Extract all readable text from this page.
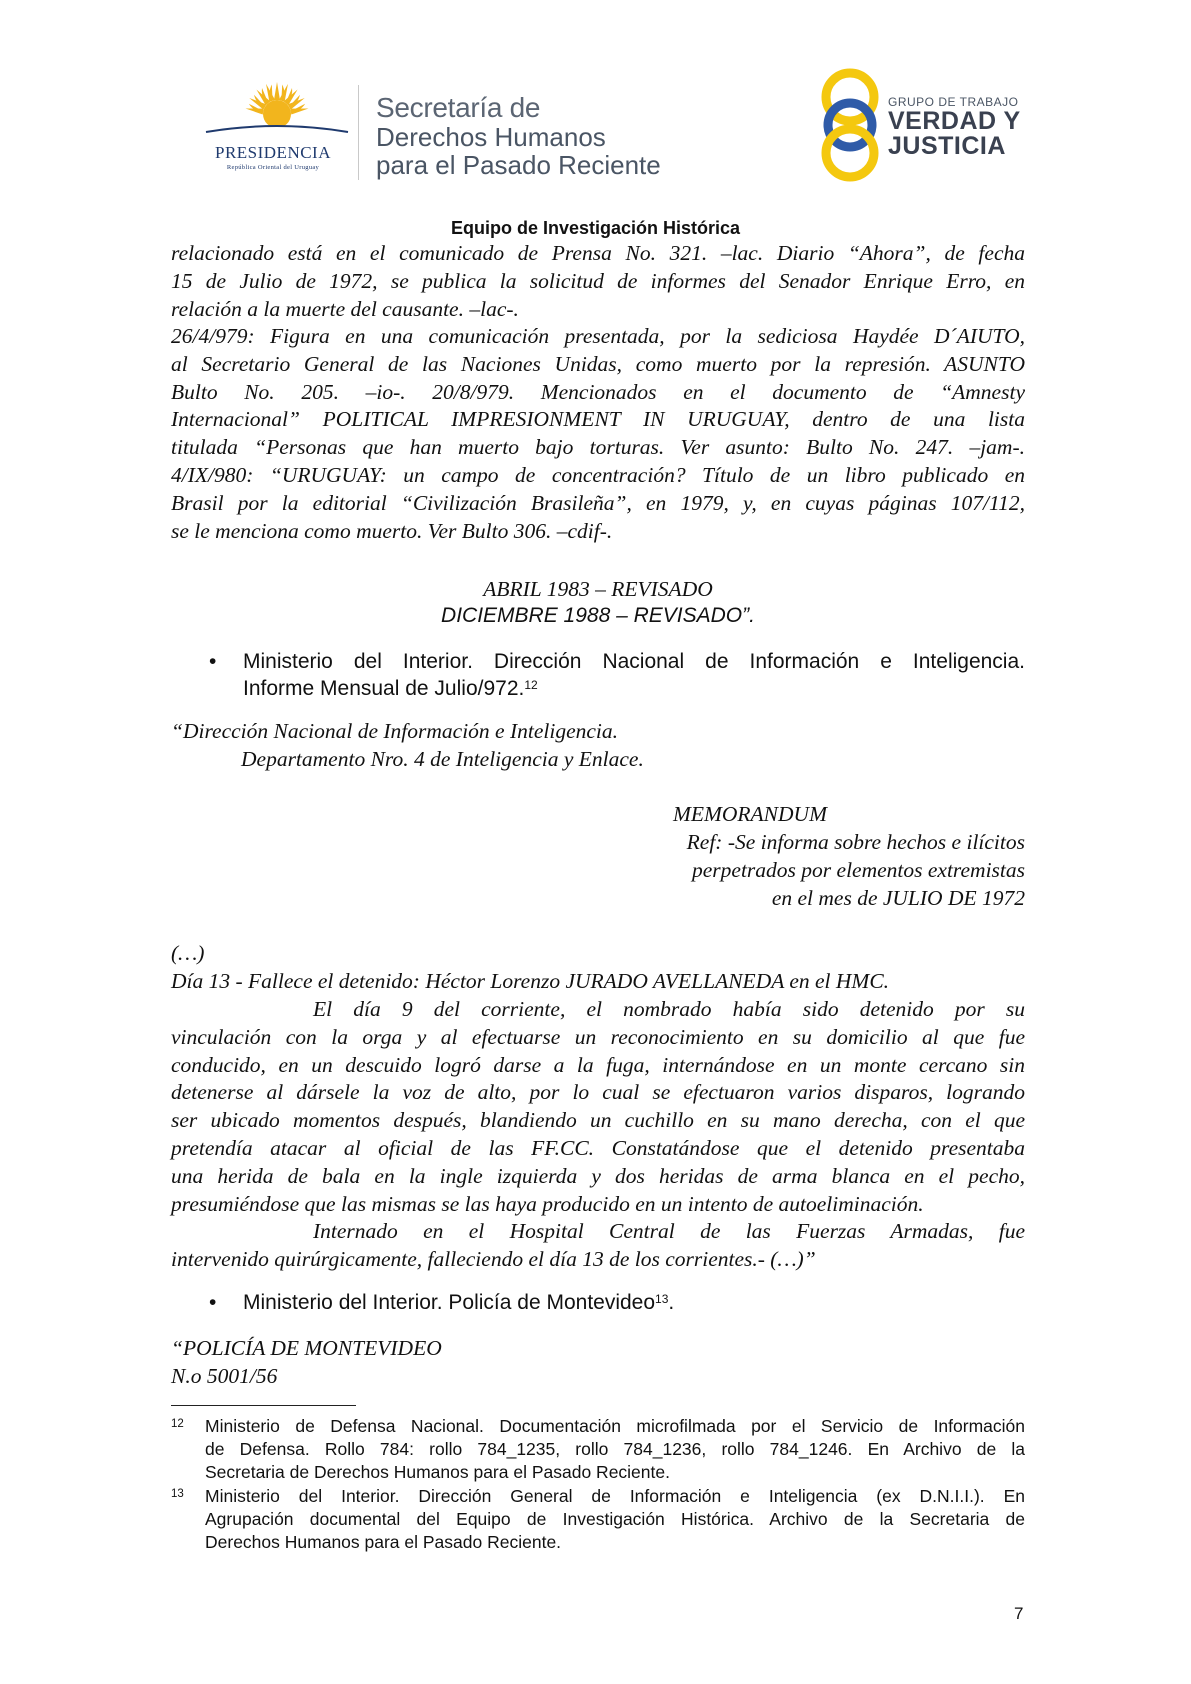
PRESIDENCIA
República Oriental del Uruguay
Secretaría de
Derechos Humanos
para el Pasado Reciente
GRUPO DE TRABAJO
VERDAD Y
JUSTICIA
Equipo de Investigación Histórica
relacionado está en el comunicado de Prensa No. 321. –lac. Diario “Ahora”, de fecha
15 de Julio de 1972, se publica la solicitud de informes del Senador Enrique Erro, en
relación a la muerte del causante. –lac-.
26/4/979: Figura en una comunicación presentada, por la sediciosa Haydée D´AIUTO,
al Secretario General de las Naciones Unidas, como muerto por la represión. ASUNTO
Bulto No. 205. –io-. 20/8/979. Mencionados en el documento de “Amnesty
Internacional” POLITICAL IMPRESIONMENT IN URUGUAY, dentro de una lista
titulada “Personas que han muerto bajo torturas. Ver asunto: Bulto No. 247. –jam-.
4/IX/980: “URUGUAY: un campo de concentración? Título de un libro publicado en
Brasil por la editorial “Civilización Brasileña”, en 1979, y, en cuyas páginas 107/112,
se le menciona como muerto. Ver Bulto 306. –cdif-.
ABRIL 1983 – REVISADO
DICIEMBRE 1988 – REVISADO”.
• Ministerio del Interior. Dirección Nacional de Información e Inteligencia.
Informe Mensual de Julio/972.12
“Dirección Nacional de Información e Inteligencia.
Departamento Nro. 4 de Inteligencia y Enlace.
MEMORANDUM
Ref: -Se informa sobre hechos e ilícitos
perpetrados por elementos extremistas
en el mes de JULIO DE 1972
(…)
Día 13 - Fallece el detenido: Héctor Lorenzo JURADO AVELLANEDA en el HMC.
El día 9 del corriente, el nombrado había sido detenido por su
vinculación con la orga y al efectuarse un reconocimiento en su domicilio al que fue
conducido, en un descuido logró darse a la fuga, internándose en un monte cercano sin
detenerse al dársele la voz de alto, por lo cual se efectuaron varios disparos, logrando
ser ubicado momentos después, blandiendo un cuchillo en su mano derecha, con el que
pretendía atacar al oficial de las FF.CC. Constatándose que el detenido presentaba
una herida de bala en la ingle izquierda y dos heridas de arma blanca en el pecho,
presumiéndose que las mismas se las haya producido en un intento de autoeliminación.
Internado en el Hospital Central de las Fuerzas Armadas, fue
intervenido quirúrgicamente, falleciendo el día 13 de los corrientes.- (…)”
• Ministerio del Interior. Policía de Montevideo$^{13}$.
“POLICÍA DE MONTEVIDEO
N.o 5001/56
12 Ministerio de Defensa Nacional. Documentación microfilmada por el Servicio de Información
de Defensa. Rollo 784: rollo 784_1235, rollo 784_1236, rollo 784_1246. En Archivo de la
Secretaria de Derechos Humanos para el Pasado Reciente.
13 Ministerio del Interior. Dirección General de Información e Inteligencia (ex D.N.I.I.). En
Agrupación documental del Equipo de Investigación Histórica. Archivo de la Secretaria de
Derechos Humanos para el Pasado Reciente.
7
